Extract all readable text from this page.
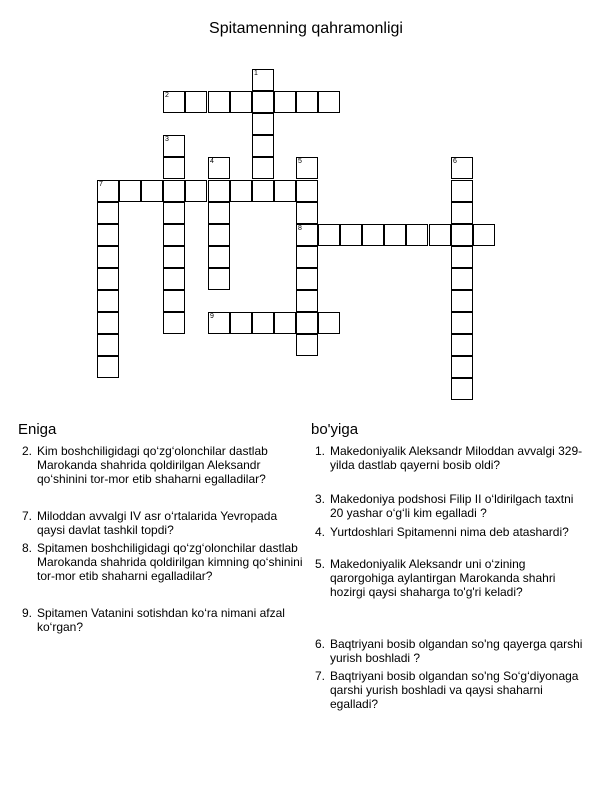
Spitamenning qahramonligi
1
2
3
4	5
8
6
7
9
Eniga	bo'yiga
2. Kim boshchiligidagi qo‘zg‘olonchilar dastlab Marokanda shahrida qoldirilgan Aleksandr qo‘shinini tor-mor etib shaharni egalladilar?
7. Miloddan avvalgi IV asr o‘rtalarida Yevropada qaysi davlat tashkil topdi?
8. Spitamen boshchiligidagi qo‘zg‘olonchilar dastlab Marokanda shahrida qoldirilgan kimning qo‘shinini tor-mor etib shaharni egalladilar?
9. Spitamen Vatanini sotishdan ko‘ra nimani afzal ko‘rgan?
1. Makedoniyalik Aleksandr Miloddan avvalgi 329-yilda dastlab qayerni bosib oldi?
3. Makedoniya podshosi Filip II o‘ldirilgach taxtni 20 yashar o‘g‘li kim egalladi ?
4. Yurtdoshlari Spitamenni nima deb atashardi?
5. Makedoniyalik Aleksandr uni o‘zining qarorgohiga aylantirgan Marokanda shahri hozirgi qaysi shaharga to'g'ri keladi?
6. Baqtriyani bosib olgandan so'ng qayerga qarshi yurish boshladi ?
7. Baqtriyani bosib olgandan so'ng So‘g‘diyonaga qarshi yurish boshladi va qaysi shaharni egalladi?
